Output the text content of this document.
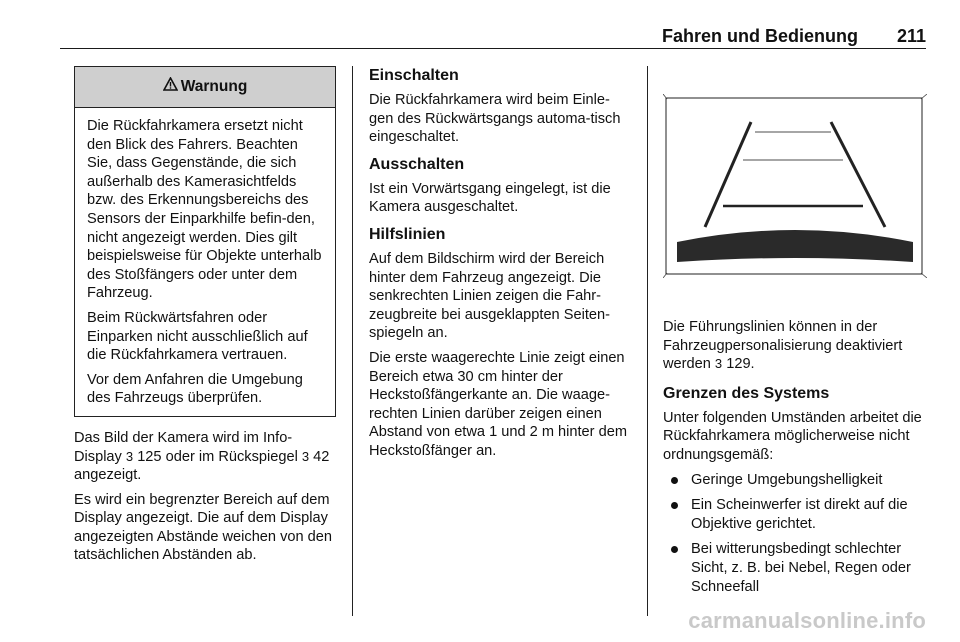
Fahren und Bedienung 211
Warnung

Die Rückfahrkamera ersetzt nicht den Blick des Fahrers. Beachten Sie, dass Gegenstände, die sich außerhalb des Kamerasichtfelds bzw. des Erkennungsbereichs des Sensors der Einparkhilfe befin-den, nicht angezeigt werden. Dies gilt beispielsweise für Objekte unterhalb des Stoßfängers oder unter dem Fahrzeug.

Beim Rückwärtsfahren oder Einparken nicht ausschließlich auf die Rückfahrkamera vertrauen.

Vor dem Anfahren die Umgebung des Fahrzeugs überprüfen.

Das Bild der Kamera wird im Info-Display 3 125 oder im Rückspiegel 3 42 angezeigt.

Es wird ein begrenzter Bereich auf dem Display angezeigt. Die auf dem Display angezeigten Abstände weichen von den tatsächlichen Abständen ab.

Einschalten

Die Rückfahrkamera wird beim Einle-gen des Rückwärtsgangs automa-tisch eingeschaltet.

Ausschalten

Ist ein Vorwärtsgang eingelegt, ist die Kamera ausgeschaltet.

Hilfslinien

Auf dem Bildschirm wird der Bereich hinter dem Fahrzeug angezeigt. Die senkrechten Linien zeigen die Fahr-zeugbreite bei ausgeklappten Seiten-spiegeln an.

Die erste waagerechte Linie zeigt einen Bereich etwa 30 cm hinter der Heckstoßfängerkante an. Die waage-rechten Linien darüber zeigen einen Abstand von etwa 1 und 2 m hinter dem Heckstoßfänger an.

Die Führungslinien können in der Fahrzeugpersonalisierung deaktiviert werden 3 129.

Grenzen des Systems

Unter folgenden Umständen arbeitet die Rückfahrkamera möglicherweise nicht ordnungsgemäß:

Geringe Umgebungshelligkeit
Ein Scheinwerfer ist direkt auf die Objektive gerichtet.
Bei witterungsbedingt schlechter Sicht, z. B. bei Nebel, Regen oder Schneefall
carmanualsonline.info
